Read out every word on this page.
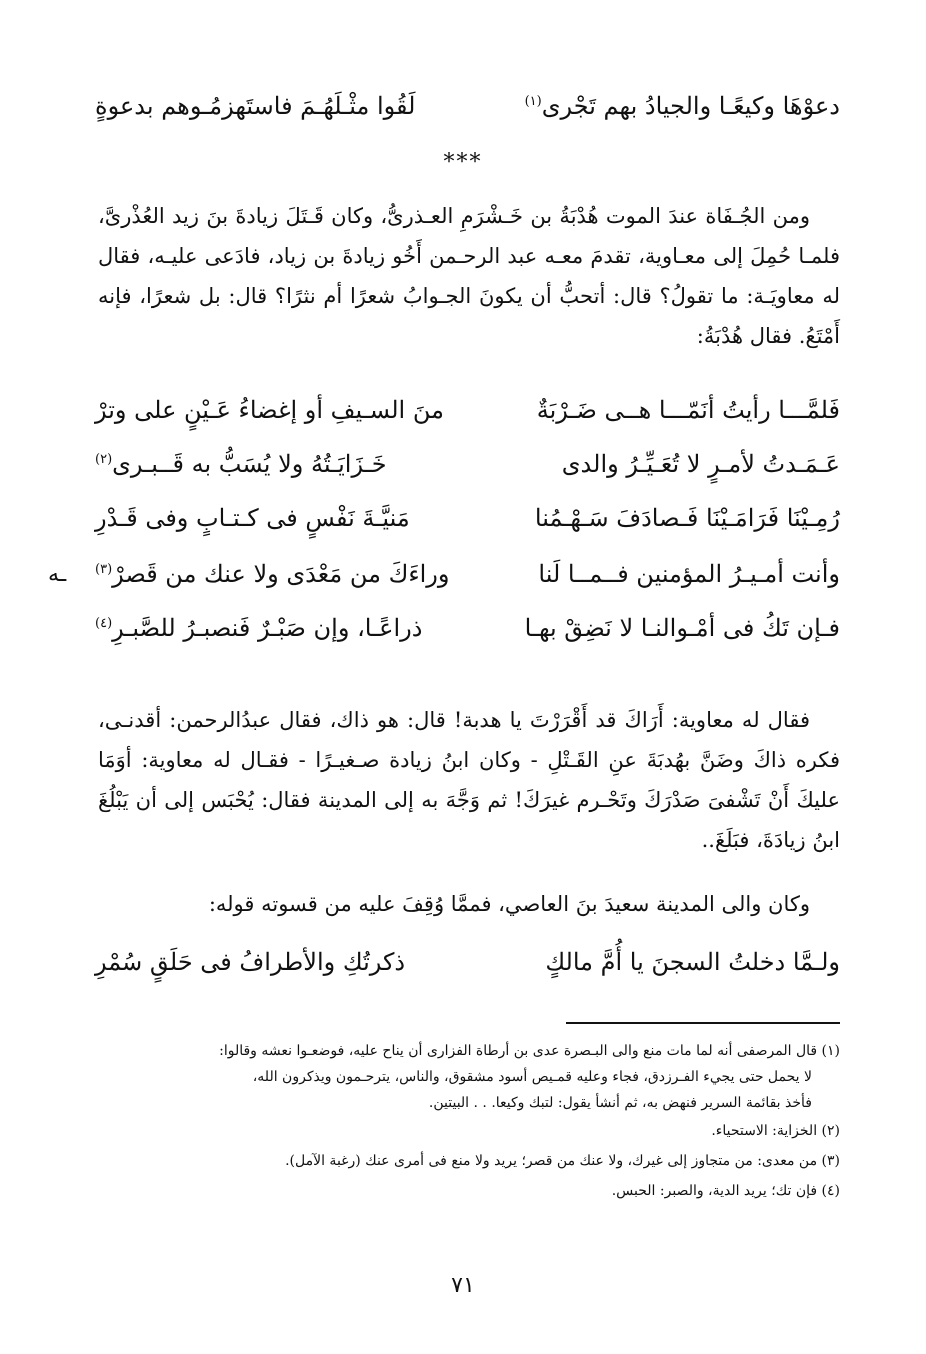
دعوْهَا وكيعًـا والجيادُ بهم تَجْرى$^{(١)}$
لَقُوا مثْـلَهُـمَ فاستَهزمُـوهم بدعوةٍ
***

ومن الجُـفَاة عندَ الموت هُدْبَةُ بن خَـشْرَمِ العـذرىُّ، وكان قَـتَلَ زيادةَ بنَ زيد العُذْرىَّ، فلمـا حُمِلَ إلى معـاوية، تقدمَ معـه عبد الرحـمن أَخُو زيادةَ بن زياد، فادَعى عليـه، فقال له معاويَـة: ما تقولُ؟ قال: أتحبُّ أن يكونَ الجـوابُ شعرًا أم نثرًا؟ قال: بل شعرًا، فإنه أَمْتَعُ. فقال هُدْبَةُ:

فَلمَّـــا رأيتُ أنَمّـــا هــى ضَـرْبَةٌ
منَ السـيفِ أو إغضاءُ عَـيْنٍ على وترْ
عَـمَـدتُ لأمـرٍ لا تُعَـيِّـرُ والدى
خَـزَايَـتُهُ ولا يُسَبُّ به قَــبـرى$^{(٢)}$
رُمِـيْنَا فَرَامَـيْنَا فَـصادَفَ سَـهْـمُنا
مَنيَّـةَ نَفْسٍ فى كـتـابٍ وفى قَـدْرِ
وأنت أمـيـرُ المؤمنين فــمــا لَنا
وراءَكَ من مَعْدَى ولا عنك من قَصرْ$^{(٣)}$
فـإن تَكُ فى أمْـوالنـا لا نَضِقْ بهـا
ذراعًـا، وإن صَبْـرٌ فَنصبـرُ للصَّبـرِ$^{(٤)}$
ـه

فقال له معاوية: أَرَاكَ قد أَقْرَرْتَ يا هدبة! قال: هو ذاك، فقال عبدُالرحمن: أقدنـى، فكره ذاكَ وضَنَّ بهُدبَةَ عنِ القَـتْلِ - وكان ابنُ زيادة صـغيـرًا - فقـال له معاوية: أوَمَا عليكَ أَنْ تَشْفىَ صَدْرَكَ وتَحْـرم غيرَكَ! ثم وَجَّهَ به إلى المدينة فقال: يُحْبَس إلى أن يَبْلُغَ ابنُ زيادَةَ، فبَلَغَ..

وكان والى المدينة سعيدَ بنَ العاصي، فممَّا وُقِفَ عليه من قسوته قوله:

ولـمَّا دخلتُ السجنَ يا أُمَّ مالكٍ
ذكرتُكِ والأطرافُ فى حَلَقٍ سُمْرِ

(١) قال المرصفى أنه لما مات منع والى البـصرة عدى بن أرطاة الفزارى أن يناح عليه، فوضعـوا نعشه وقالوا:

لا يحمل حتى يجيء الفـرزدق، فجاء وعليه قمـيص أسود مشقوق، والناس، يترحـمون ويذكرون الله،

فأخذ بقائمة السرير فنهض به، ثم أنشأ يقول: لتبك وكيعا. . . البيتين.

(٢) الخزاية: الاستحياء.

(٣) من معدى: من متجاوز إلى غيرك، ولا عنك من قصر؛ يريد ولا منع فى أمرى عنك (رغبة الآمل).

(٤) فإن تك؛ يريد الدية، والصبر: الحبس.

٧١
